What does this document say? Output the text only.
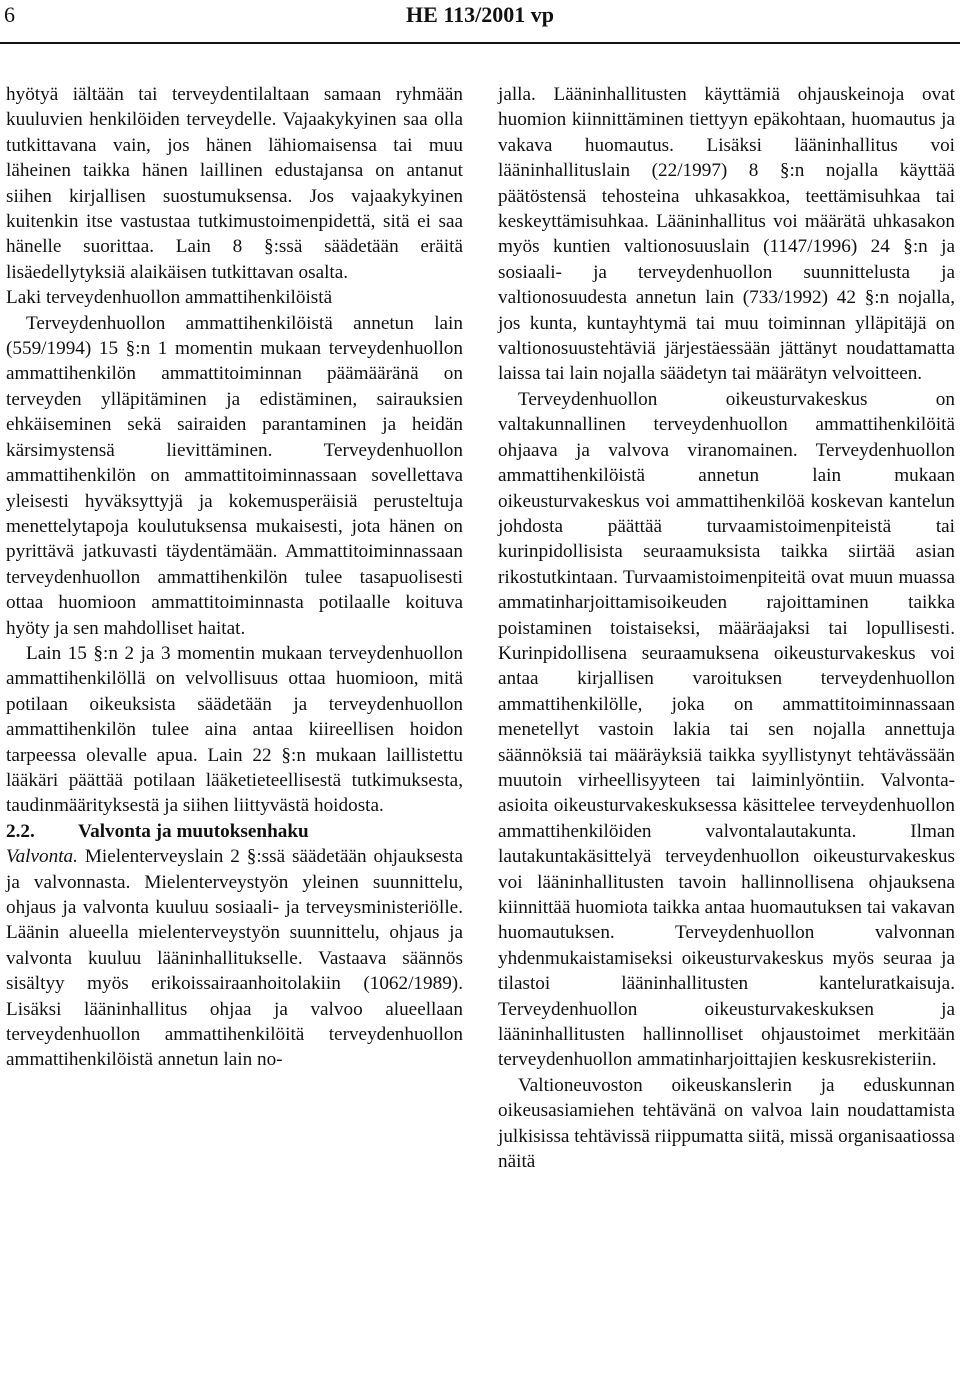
6	HE 113/2001 vp

hyötyä iältään tai terveydentilaltaan samaan ryhmään kuuluvien henkilöiden terveydelle. Vajaakykyinen saa olla tutkittavana vain, jos hänen lähiomaisensa tai muu läheinen taikka hänen laillinen edustajansa on antanut siihen kirjallisen suostumuksensa. Jos vajaakykyinen kuitenkin itse vastustaa tutkimustoimenpidettä, sitä ei saa hänelle suorittaa. Lain 8 §:ssä säädetään eräitä lisäedellytyksiä alaikäisen tutkittavan osalta.

Laki terveydenhuollon ammattihenkilöistä

Terveydenhuollon ammattihenkilöistä annetun lain (559/1994) 15 §:n 1 momentin mukaan terveydenhuollon ammattihenkilön ammattitoiminnan päämääränä on terveyden ylläpitäminen ja edistäminen, sairauksien ehkäiseminen sekä sairaiden parantaminen ja heidän kärsimystensä lievittäminen. Terveydenhuollon ammattihenkilön on ammattitoiminnassaan sovellettava yleisesti hyväksyttyjä ja kokemusperäisiä perusteltuja menettelytapoja koulutuksensa mukaisesti, jota hänen on pyrittävä jatkuvasti täydentämään. Ammattitoiminnassaan terveydenhuollon ammattihenkilön tulee tasapuolisesti ottaa huomioon ammattitoiminnasta potilaalle koituva hyöty ja sen mahdolliset haitat.

Lain 15 §:n 2 ja 3 momentin mukaan terveydenhuollon ammattihenkilöllä on velvollisuus ottaa huomioon, mitä potilaan oikeuksista säädetään ja terveydenhuollon ammattihenkilön tulee aina antaa kiireellisen hoidon tarpeessa olevalle apua. Lain 22 §:n mukaan laillistettu lääkäri päättää potilaan lääketieteellisestä tutkimuksesta, taudinmäärityksestä ja siihen liittyvästä hoidosta.

2.2. Valvonta ja muutoksenhaku

Valvonta. Mielenterveyslain 2 §:ssä säädetään ohjauksesta ja valvonnasta. Mielenterveystyön yleinen suunnittelu, ohjaus ja valvonta kuuluu sosiaali- ja terveysministeriölle. Läänin alueella mielenterveystyön suunnittelu, ohjaus ja valvonta kuuluu lääninhallitukselle. Vastaava säännös sisältyy myös erikoissairaanhoitolakiin (1062/1989). Lisäksi lääninhallitus ohjaa ja valvoo alueellaan terveydenhuollon ammattihenkilöitä terveydenhuollon ammattihenkilöistä annetun lain no-

jalla. Lääninhallitusten käyttämiä ohjauskeinoja ovat huomion kiinnittäminen tiettyyn epäkohtaan, huomautus ja vakava huomautus. Lisäksi lääninhallitus voi lääninhallituslain (22/1997) 8 §:n nojalla käyttää päätöstensä tehosteina uhkasakkoa, teettämisuhkaa tai keskeyttämisuhkaa. Lääninhallitus voi määrätä uhkasakon myös kuntien valtionosuuslain (1147/1996) 24 §:n ja sosiaali- ja terveydenhuollon suunnittelusta ja valtionosuudesta annetun lain (733/1992) 42 §:n nojalla, jos kunta, kuntayhtymä tai muu toiminnan ylläpitäjä on valtionosuustehtäviä järjestäessään jättänyt noudattamatta laissa tai lain nojalla säädetyn tai määrätyn velvoitteen.

Terveydenhuollon oikeusturvakeskus on valtakunnallinen terveydenhuollon ammattihenkilöitä ohjaava ja valvova viranomainen. Terveydenhuollon ammattihenkilöistä annetun lain mukaan oikeusturvakeskus voi ammattihenkilöä koskevan kantelun johdosta päättää turvaamistoimenpiteistä tai kurinpidollisista seuraamuksista taikka siirtää asian rikostutkintaan. Turvaamistoimenpiteitä ovat muun muassa ammatinharjoittamisoikeuden rajoittaminen taikka poistaminen toistaiseksi, määräajaksi tai lopullisesti. Kurinpidollisena seuraamuksena oikeusturvakeskus voi antaa kirjallisen varoituksen terveydenhuollon ammattihenkilölle, joka on ammattitoiminnassaan menetellyt vastoin lakia tai sen nojalla annettuja säännöksiä tai määräyksiä taikka syyllistynyt tehtävässään muutoin virheellisyyteen tai laiminlyöntiin. Valvonta-asioita oikeusturvakeskuksessa käsittelee terveydenhuollon ammattihenkilöiden valvontalautakunta. Ilman lautakuntakäsittelyä terveydenhuollon oikeusturvakeskus voi lääninhallitusten tavoin hallinnollisena ohjauksena kiinnittää huomiota taikka antaa huomautuksen tai vakavan huomautuksen. Terveydenhuollon valvonnan yhdenmukaistamiseksi oikeusturvakeskus myös seuraa ja tilastoi lääninhallitusten kanteluratkaisuja. Terveydenhuollon oikeusturvakeskuksen ja lääninhallitusten hallinnolliset ohjaustoimet merkitään terveydenhuollon ammatinharjoittajien keskusrekisteriin.

Valtioneuvoston oikeuskanslerin ja eduskunnan oikeusasiamiehen tehtävänä on valvoa lain noudattamista julkisissa tehtävissä riippumatta siitä, missä organisaatiossa näitä
